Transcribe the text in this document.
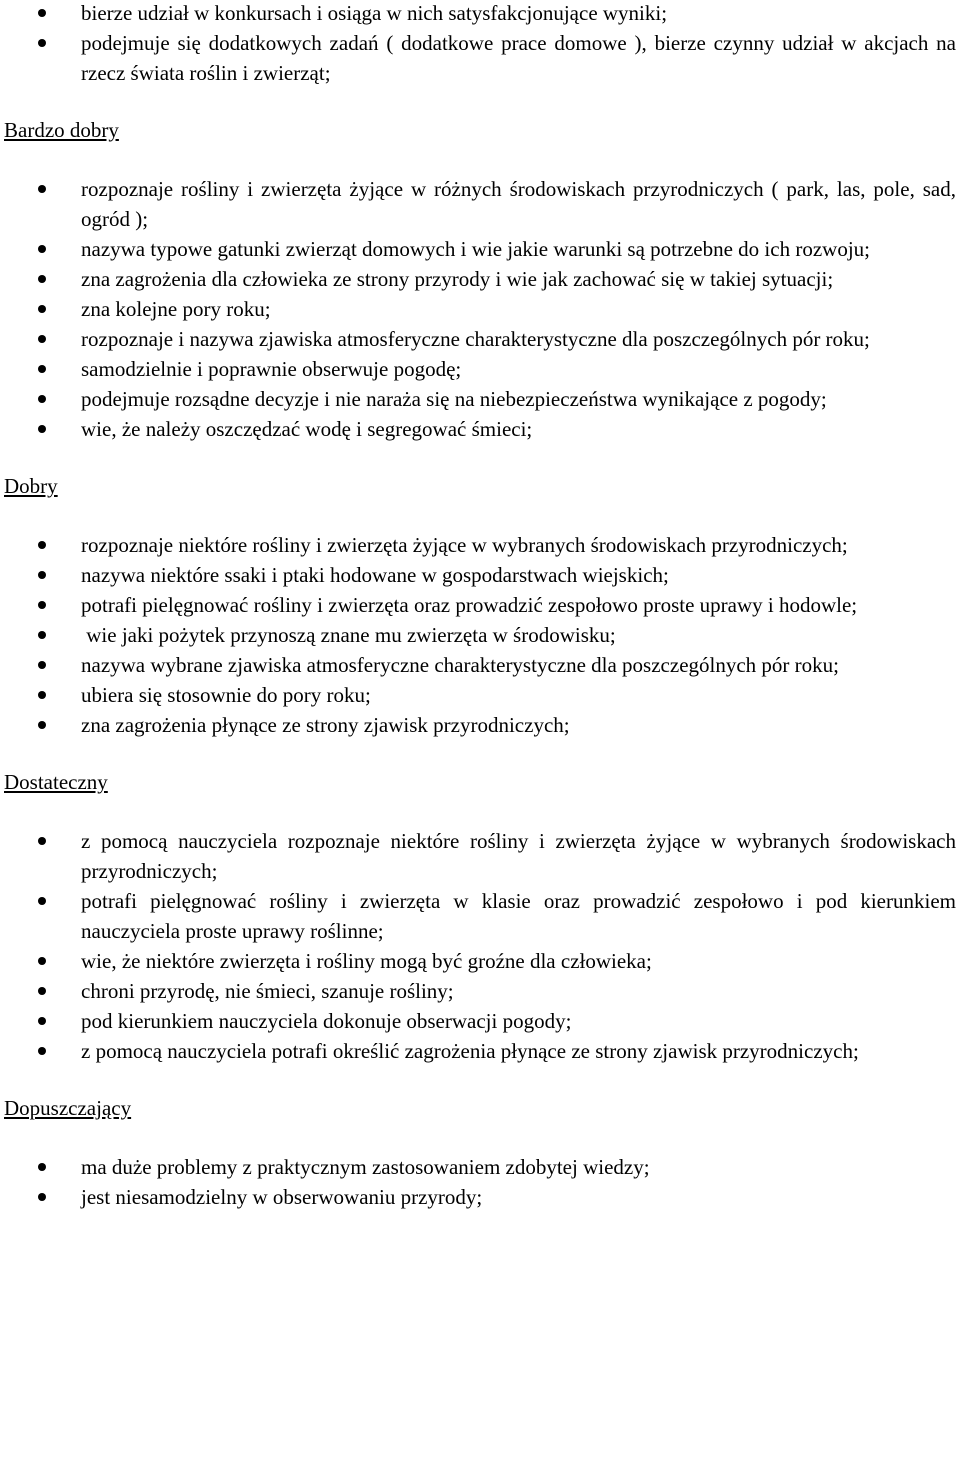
bierze udział w konkursach i osiąga w nich satysfakcjonujące wyniki;
podejmuje się dodatkowych zadań ( dodatkowe prace domowe ), bierze czynny udział w akcjach na rzecz świata roślin i zwierząt;
Bardzo dobry
rozpoznaje rośliny i zwierzęta żyjące w różnych środowiskach przyrodniczych ( park, las, pole, sad, ogród );
nazywa typowe gatunki zwierząt domowych i wie jakie warunki są potrzebne do ich rozwoju;
zna zagrożenia dla człowieka ze strony przyrody i wie jak zachować się w takiej sytuacji;
zna kolejne pory roku;
rozpoznaje i nazywa zjawiska atmosferyczne charakterystyczne dla poszczególnych pór roku;
samodzielnie i poprawnie obserwuje pogodę;
podejmuje rozsądne decyzje i nie naraża się na niebezpieczeństwa wynikające z pogody;
wie, że należy oszczędzać wodę i segregować śmieci;
Dobry
rozpoznaje niektóre rośliny i zwierzęta żyjące w wybranych środowiskach przyrodniczych;
nazywa niektóre ssaki i ptaki hodowane w gospodarstwach wiejskich;
potrafi pielęgnować rośliny i zwierzęta oraz prowadzić zespołowo proste uprawy i hodowle;
wie jaki pożytek przynoszą znane mu zwierzęta w środowisku;
nazywa wybrane zjawiska atmosferyczne charakterystyczne dla poszczególnych pór roku;
ubiera się stosownie do pory roku;
zna zagrożenia płynące ze strony zjawisk przyrodniczych;
Dostateczny
z pomocą nauczyciela rozpoznaje niektóre rośliny i zwierzęta żyjące w wybranych środowiskach przyrodniczych;
potrafi pielęgnować rośliny i zwierzęta w klasie oraz prowadzić zespołowo i pod kierunkiem nauczyciela proste uprawy roślinne;
wie, że niektóre zwierzęta i rośliny mogą być groźne dla człowieka;
chroni przyrodę, nie śmieci, szanuje rośliny;
pod kierunkiem nauczyciela dokonuje obserwacji pogody;
z pomocą nauczyciela potrafi określić zagrożenia płynące ze strony zjawisk przyrodniczych;
Dopuszczający
ma duże problemy z praktycznym zastosowaniem zdobytej wiedzy;
jest niesamodzielny w obserwowaniu przyrody;
